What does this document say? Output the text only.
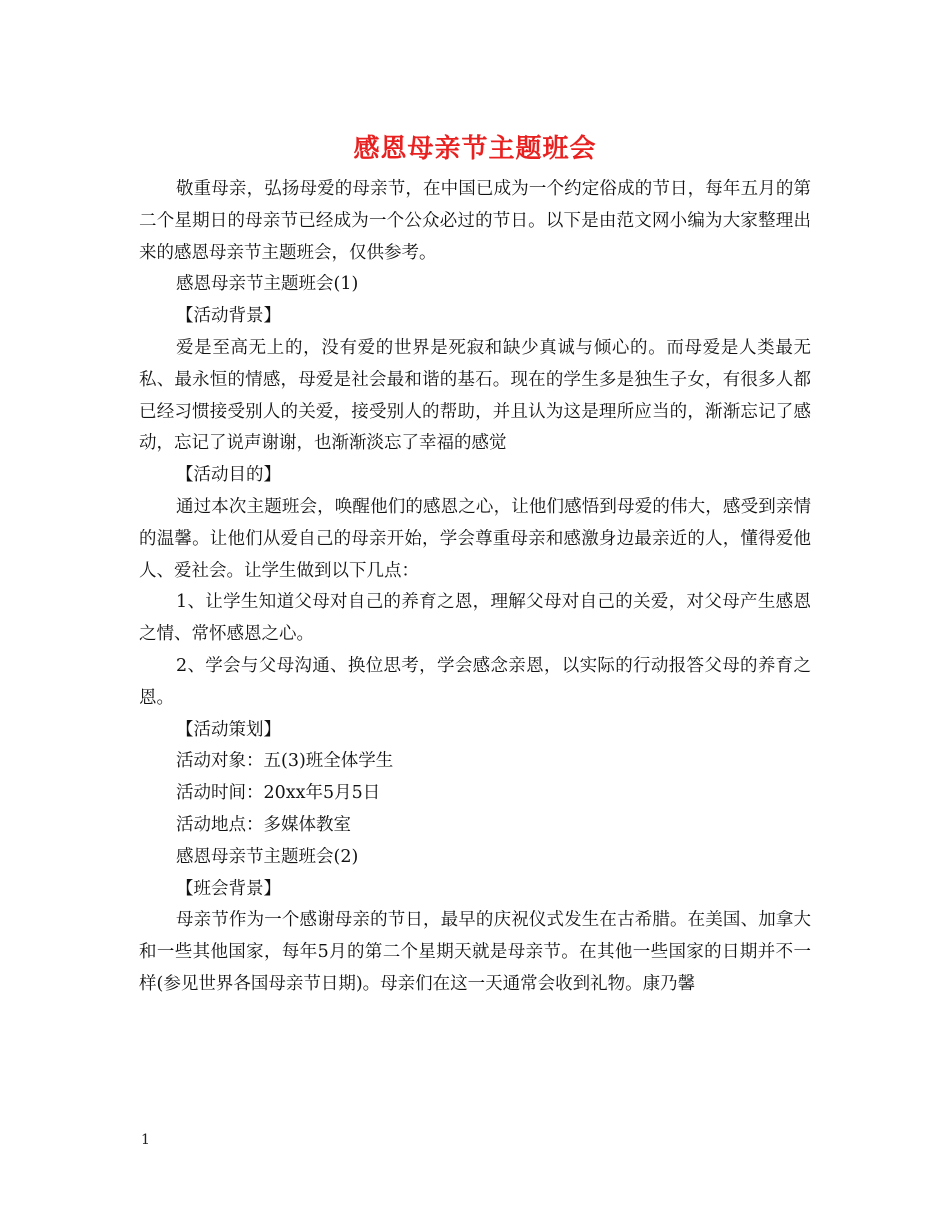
感恩母亲节主题班会

敬重母亲，弘扬母爱的母亲节，在中国已成为一个约定俗成的节日，每年五月的第二个星期日的母亲节已经成为一个公众必过的节日。以下是由范文网小编为大家整理出来的感恩母亲节主题班会，仅供参考。

感恩母亲节主题班会(1)

【活动背景】

爱是至高无上的，没有爱的世界是死寂和缺少真诚与倾心的。而母爱是人类最无私、最永恒的情感，母爱是社会最和谐的基石。现在的学生多是独生子女，有很多人都已经习惯接受别人的关爱，接受别人的帮助，并且认为这是理所应当的，渐渐忘记了感动，忘记了说声谢谢，也渐渐淡忘了幸福的感觉

【活动目的】

通过本次主题班会，唤醒他们的感恩之心，让他们感悟到母爱的伟大，感受到亲情的温馨。让他们从爱自己的母亲开始，学会尊重母亲和感激身边最亲近的人，懂得爱他人、爱社会。让学生做到以下几点：

1、让学生知道父母对自己的养育之恩，理解父母对自己的关爱，对父母产生感恩之情、常怀感恩之心。

2、学会与父母沟通、换位思考，学会感念亲恩，以实际的行动报答父母的养育之恩。

【活动策划】

活动对象：五(3)班全体学生

活动时间：20xx年5月5日

活动地点：多媒体教室

感恩母亲节主题班会(2)

【班会背景】

母亲节作为一个感谢母亲的节日，最早的庆祝仪式发生在古希腊。在美国、加拿大和一些其他国家，每年5月的第二个星期天就是母亲节。在其他一些国家的日期并不一样(参见世界各国母亲节日期)。母亲们在这一天通常会收到礼物。康乃馨

1
